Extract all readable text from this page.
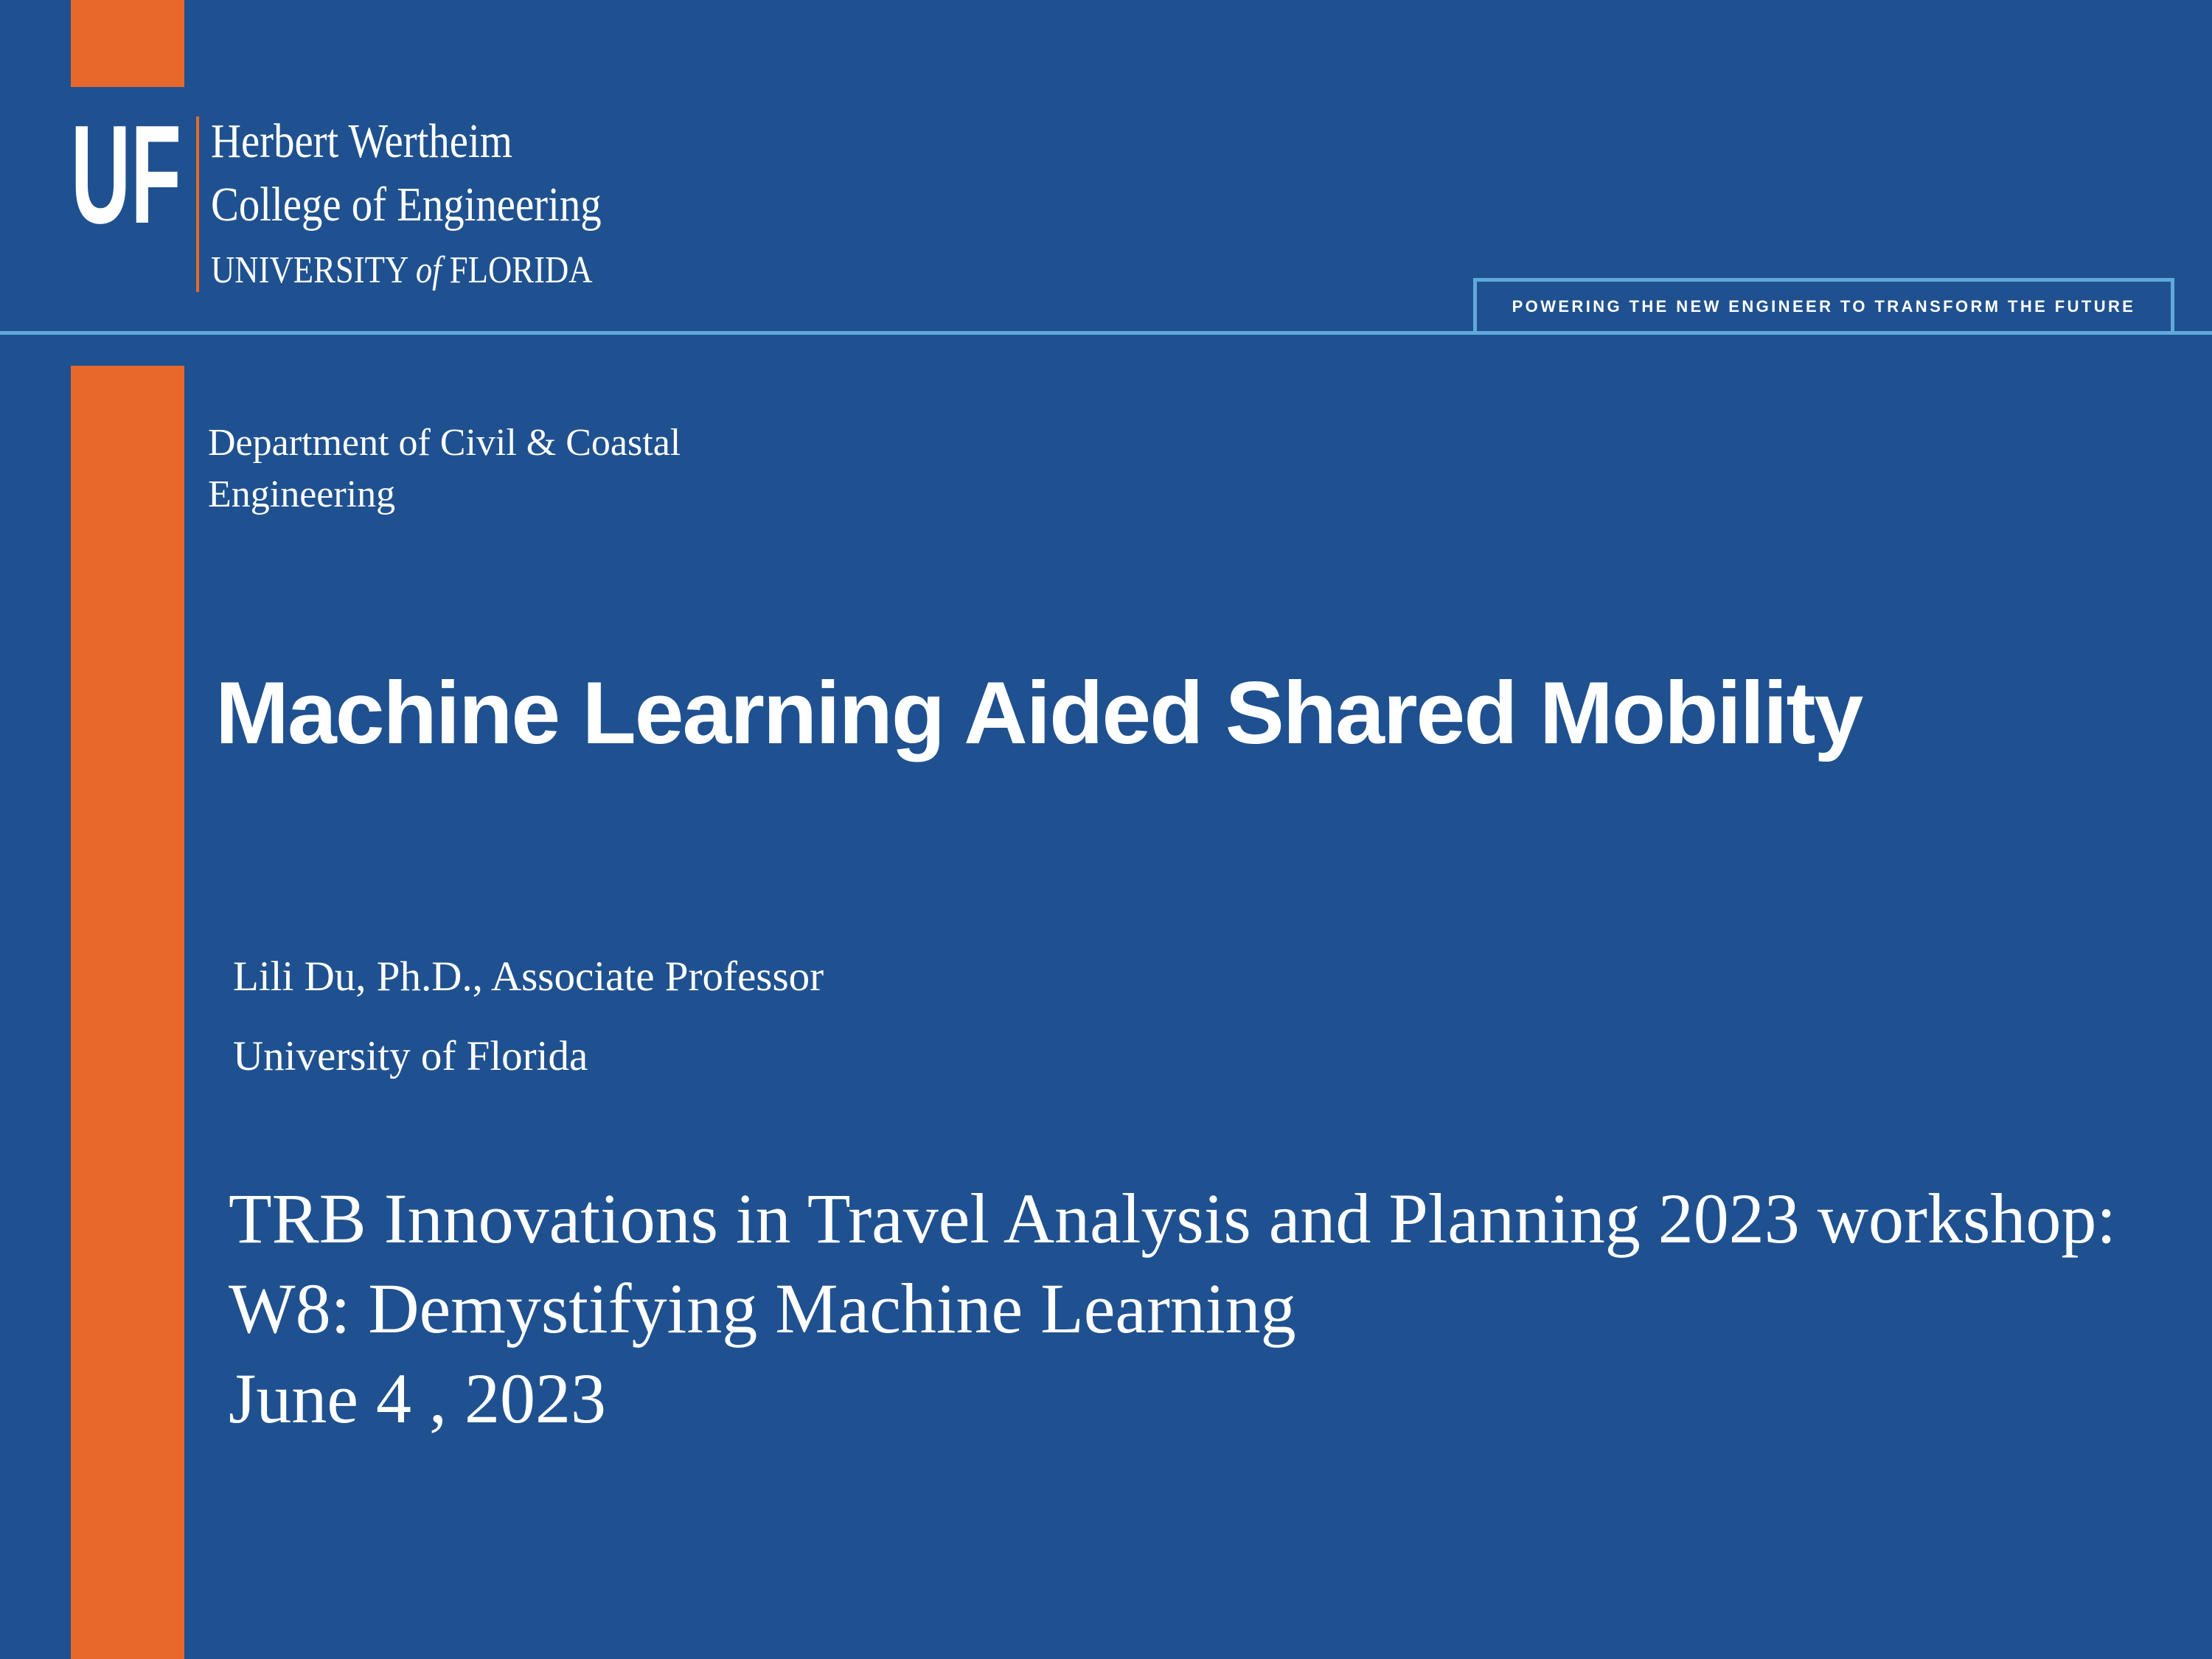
UF Herbert Wertheim
College of Engineering
UNIVERSITY of FLORIDA
POWERING THE NEW ENGINEER TO TRANSFORM THE FUTURE
Department of Civil & Coastal
Engineering
Machine Learning Aided Shared Mobility
Lili Du, Ph.D., Associate Professor
University of Florida
TRB Innovations in Travel Analysis and Planning 2023 workshop:
W8: Demystifying Machine Learning
June 4 , 2023
